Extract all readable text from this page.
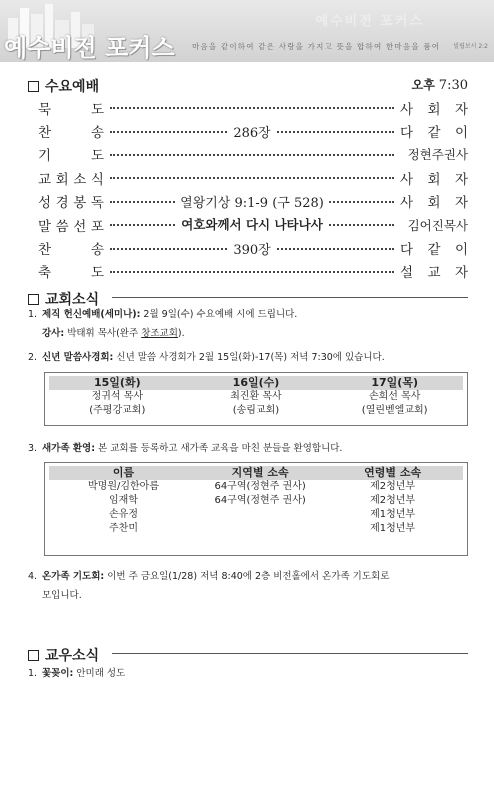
예수비전 포커스
예수비전 포커스 마음을 같이하여 같은 사랑을 가지고 뜻을 합하여 한마음을 품어 빌립보서 2:2
수요예배	오후 7:30
묵	도	사 회 자
찬	송	286장	다 같 이
기	도	정현주권사
교 회 소 식	사 회 자
성 경 봉 독	열왕기상 9:1-9 (구 528)	사 회 자
말 씀 선 포	여호와께서 다시 나타나사	김어진목사
찬	송	390장	다 같 이
축	도	설 교 자
교회소식
1. 제직 헌신예배(세미나): 2월 9일(수) 수요예배 시에 드립니다.
강사: 박태휘 목사(완주 창조교회).
2. 신년 말씀사경회: 신년 말씀 사경회가 2월 15일(화)-17(목) 저녁 7:30에 있습니다.
15일(화)	16일(수)	17일(목)
정귀석 목사	최진환 목사	손희선 목사
(주평강교회)	(송림교회)	(열린벧엘교회)
3. 새가족 환영: 본 교회를 등록하고 새가족 교육을 마친 분들을 환영합니다.
이름	지역별 소속	연령별 소속
박명원/김한아름	64구역(정현주 권사)	제2청년부
임재학	64구역(정현주 권사)	제2청년부
손유정		제1청년부
주찬미		제1청년부
4. 온가족 기도회: 이번 주 금요일(1/28) 저녁 8:40에 2층 비전홀에서 온가족 기도회로
모입니다.
교우소식
1. 꽃꽂이: 안미래 성도
